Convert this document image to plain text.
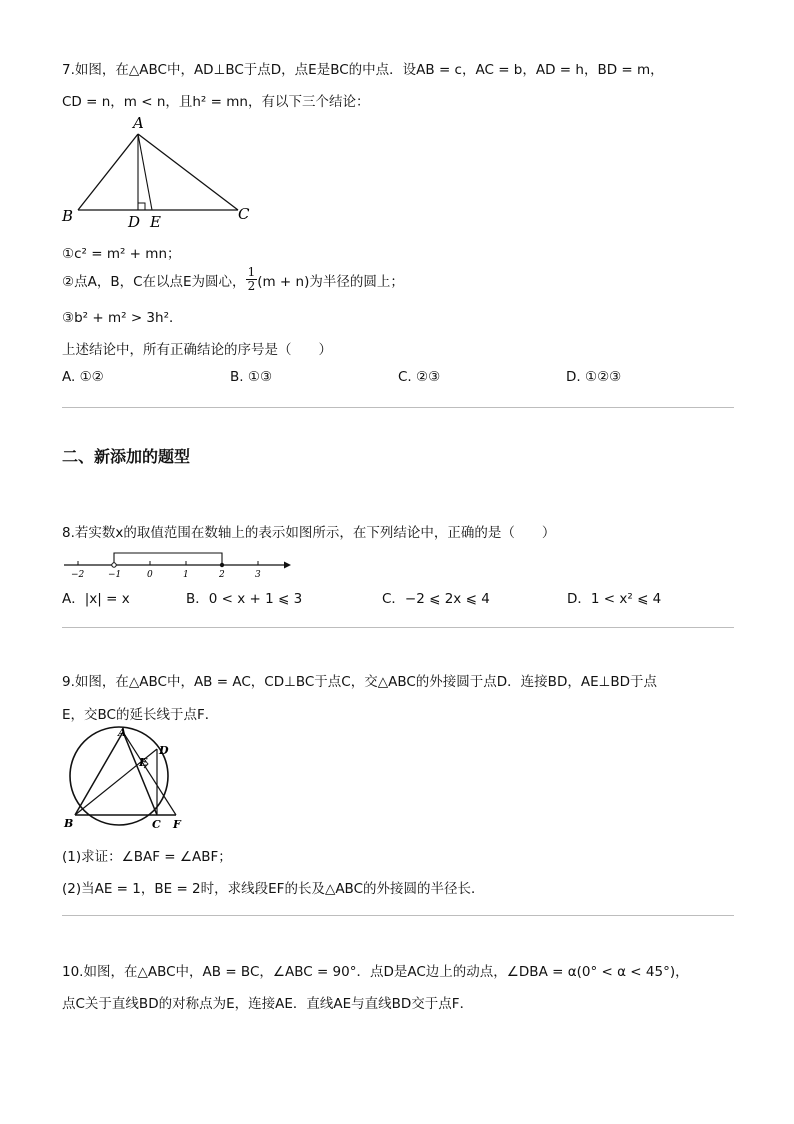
7.如图，在△ABC中，AD⊥BC于点D，点E是BC的中点．设AB = c，AC = b，AD = h，BD = m，
CD = n，m < n，且h² = mn，有以下三个结论：
A
B	C
D E
①c² = m² + mn；
②点A，B，C在以点E为圆心， $\frac{1}{2} (m + n)$为半径的圆上；
③b² + m² > 3h²．
上述结论中，所有正确结论的序号是（　　）
A. ①②	B. ①③	C. ②③	D. ①②③
二、新添加的题型
8.若实数x的取值范围在数轴上的表示如图所示，在下列结论中，正确的是（　　）
−2	−1	0	1	2	3
A．|x| = x	B．0 < x + 1 ⩽ 3	C．−2 ⩽ 2x ⩽ 4	D．1 < x² ⩽ 4
9.如图，在△ABC中，AB = AC，CD⊥BC于点C，交△ABC的外接圆于点D．连接BD，AE⊥BD于点
E，交BC的延长线于点F．
A
B	C
D
E
F
(1)求证：∠BAF = ∠ABF；
(2)当AE = 1，BE = 2时，求线段EF的长及△ABC的外接圆的半径长．
10.如图，在△ABC中，AB = BC，∠ABC = 90°．点D是AC边上的动点，∠DBA = α(0° < α < 45°)，
点C关于直线BD的对称点为E，连接AE．直线AE与直线BD交于点F．
